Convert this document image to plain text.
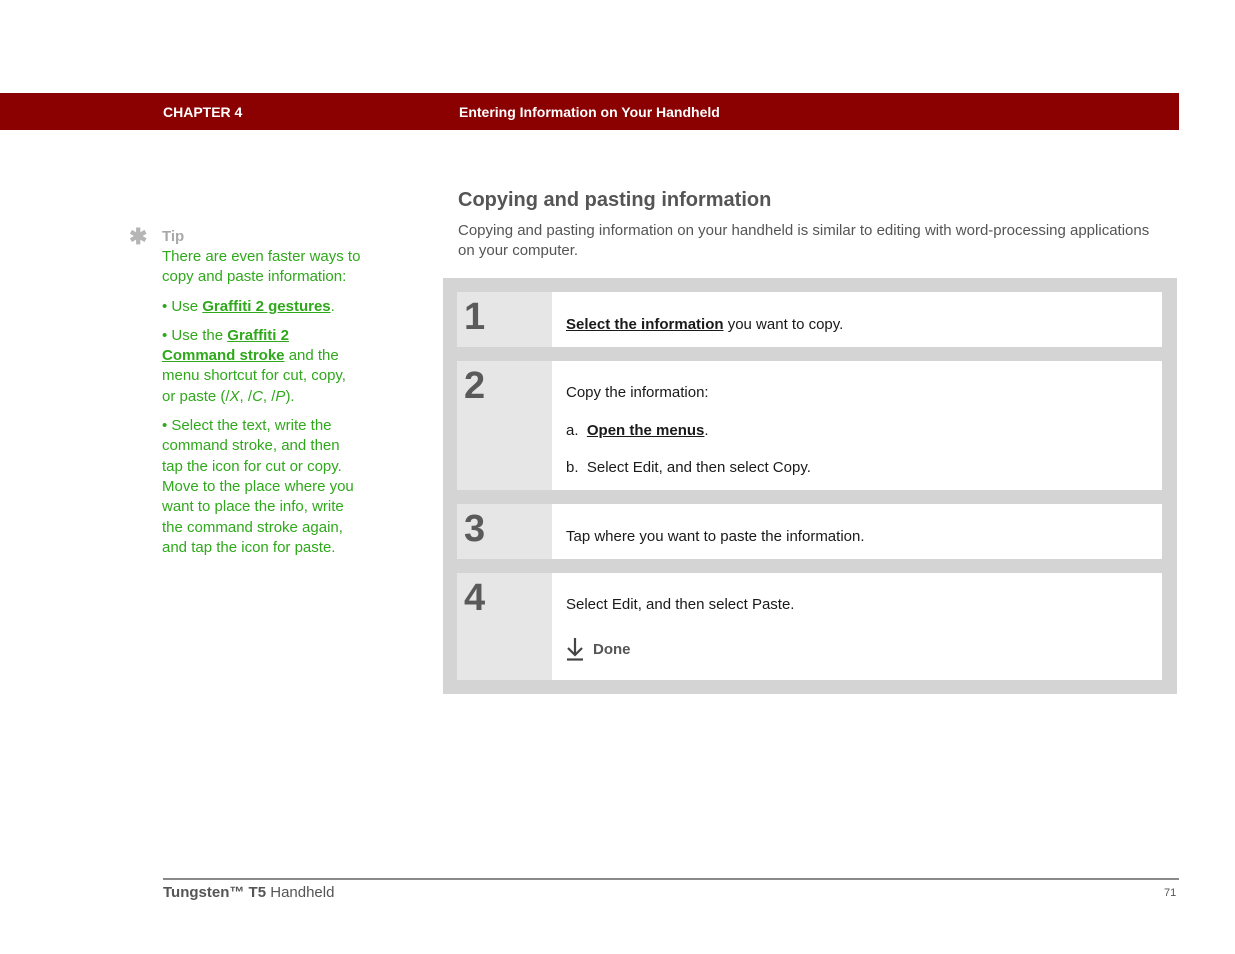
CHAPTER 4	Entering Information on Your Handheld
✱ Tip

There are even faster ways to copy and paste information:

• Use Graffiti 2 gestures.

• Use the Graffiti 2 Command stroke and the menu shortcut for cut, copy, or paste (/X, /C, /P).

• Select the text, write the command stroke, and then tap the icon for cut or copy. Move to the place where you want to place the info, write the command stroke again, and tap the icon for paste.

Copying and pasting information
Copying and pasting information on your handheld is similar to editing with word-processing applications on your computer.
1	Select the information you want to copy.
2	Copy the information:
a. Open the menus.
b. Select Edit, and then select Copy.
3	Tap where you want to paste the information.
4	Select Edit, and then select Paste.
Done
Tungsten™ T5 Handheld	71
